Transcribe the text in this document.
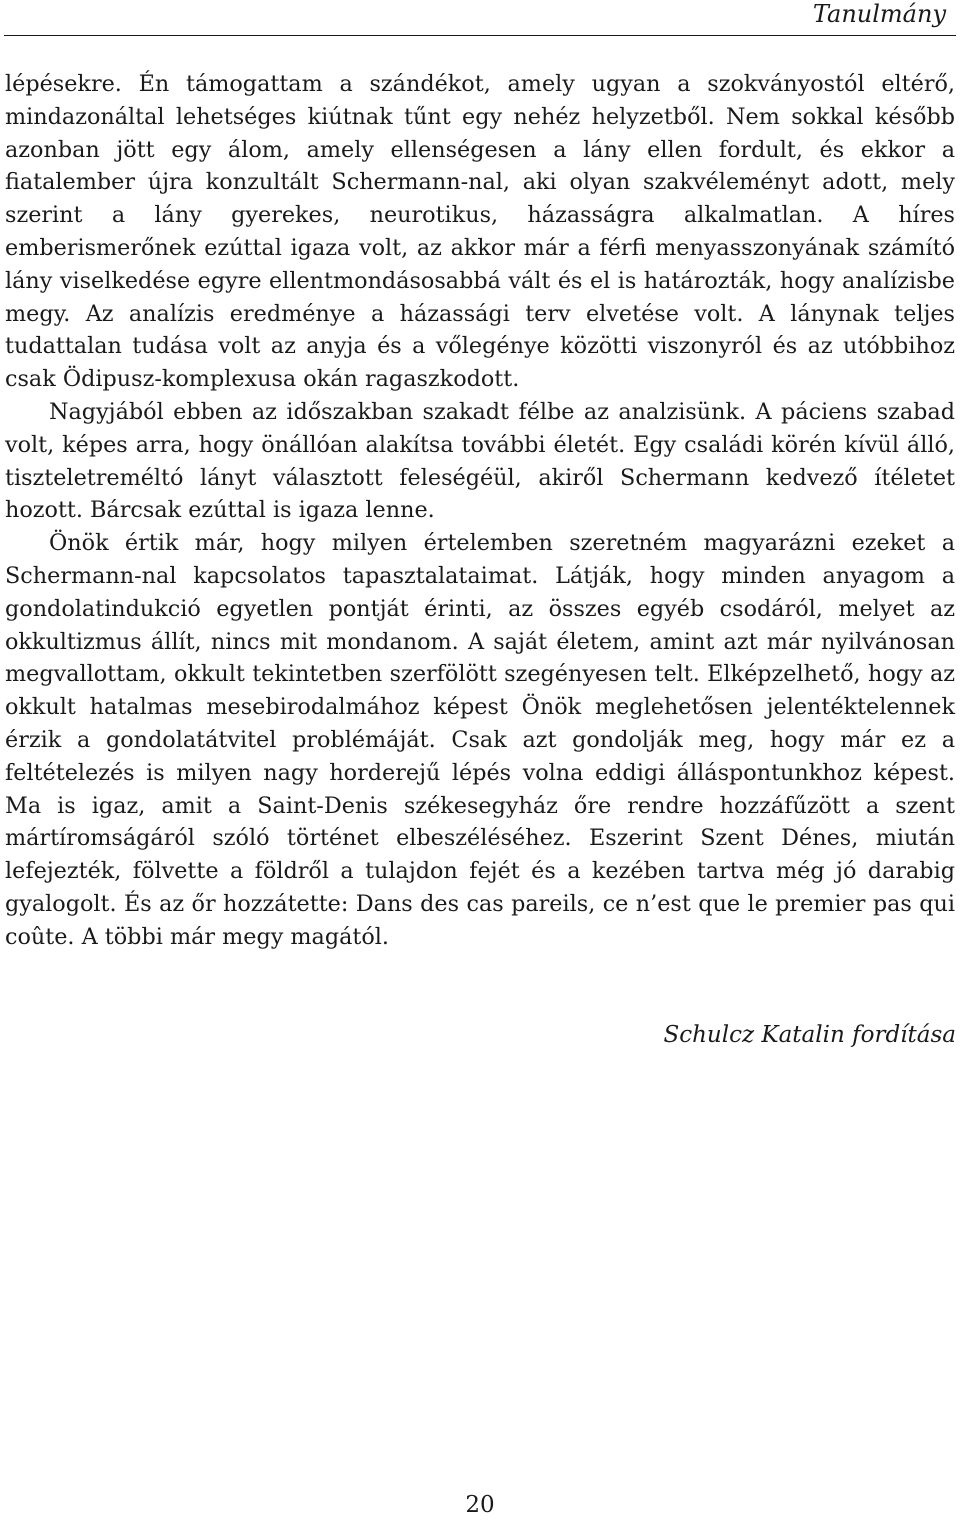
Tanulmány

lépésekre. Én támogattam a szándékot, amely ugyan a szokványostól eltérő, mindazonáltal lehetséges kiútnak tűnt egy nehéz helyzetből. Nem sokkal később azonban jött egy álom, amely ellenségesen a lány ellen fordult, és ekkor a fiatalember újra konzultált Schermann-nal, aki olyan szakvéleményt adott, mely szerint a lány gyerekes, neurotikus, házasságra alkalmatlan. A híres emberismerőnek ezúttal igaza volt, az akkor már a férfi menyasszonyának számító lány viselkedése egyre ellentmondásosabbá vált és el is határozták, hogy analízisbe megy. Az analízis eredménye a házassági terv elvetése volt. A lánynak teljes tudattalan tudása volt az anyja és a vőlegénye közötti viszonyról és az utóbbihoz csak Ödipusz-komplexusa okán ragaszkodott.

Nagyjából ebben az időszakban szakadt félbe az analzisünk. A páciens szabad volt, képes arra, hogy önállóan alakítsa további életét. Egy családi körén kívül álló, tiszteletreméltó lányt választott feleségéül, akiről Schermann kedvező ítéletet hozott. Bárcsak ezúttal is igaza lenne.

Önök értik már, hogy milyen értelemben szeretném magyarázni ezeket a Schermann-nal kapcsolatos tapasztalataimat. Látják, hogy minden anyagom a gondolatindukció egyetlen pontját érinti, az összes egyéb csodáról, melyet az okkultizmus állít, nincs mit mondanom. A saját életem, amint azt már nyilvánosan megvallottam, okkult tekintetben szerfölött szegényesen telt. Elképzelhető, hogy az okkult hatalmas mesebirodalmához képest Önök meglehetősen jelentéktelennek érzik a gondolatátvitel problémáját. Csak azt gondolják meg, hogy már ez a feltételezés is milyen nagy horderejű lépés volna eddigi álláspontunkhoz képest. Ma is igaz, amit a Saint-Denis székesegyház őre rendre hozzáfűzött a szent mártíromságáról szóló történet elbeszéléséhez. Eszerint Szent Dénes, miután lefejezték, fölvette a földről a tulajdon fejét és a kezében tartva még jó darabig gyalogolt. És az őr hozzátette: Dans des cas pareils, ce n’est que le premier pas qui coûte. A többi már megy magától.

Schulcz Katalin fordítása
20
